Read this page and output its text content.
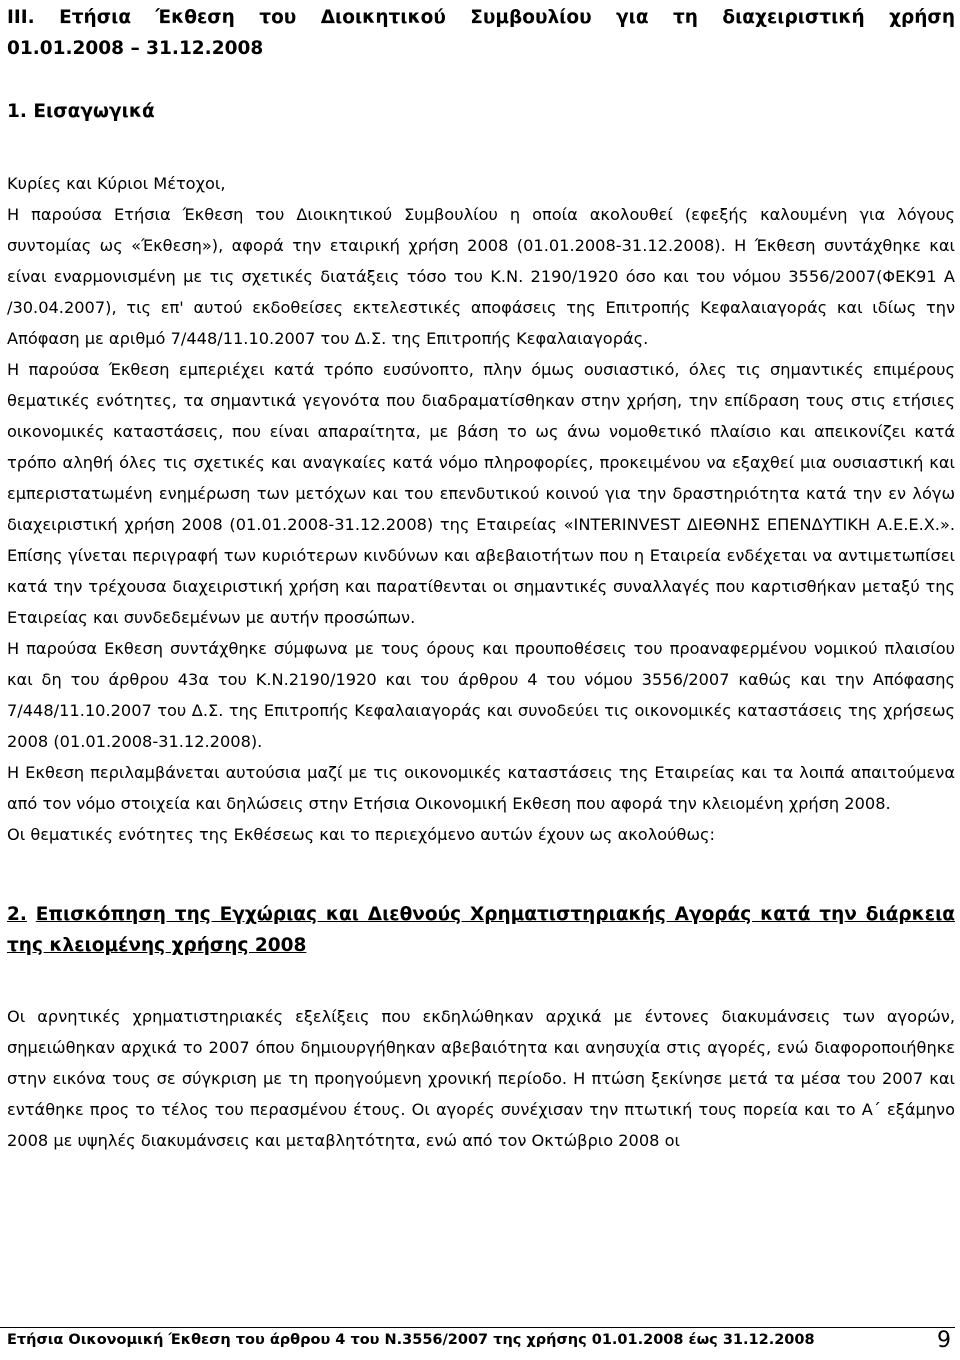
III. Ετήσια Έκθεση του Διοικητικού Συμβουλίου για τη διαχειριστική χρήση
01.01.2008 – 31.12.2008
1. Εισαγωγικά

Κυρίες και Κύριοι Μέτοχοι,

Η παρούσα Ετήσια Έκθεση του Διοικητικού Συμβουλίου η οποία ακολουθεί (εφεξής καλουμένη για λόγους συντομίας ως «Έκθεση»), αφορά την εταιρική χρήση 2008 (01.01.2008-31.12.2008). Η Έκθεση συντάχθηκε και είναι εναρμονισμένη με τις σχετικές διατάξεις τόσο του Κ.Ν. 2190/1920 όσο και του νόμου 3556/2007(ΦΕΚ91 Α /30.04.2007), τις επ' αυτού εκδοθείσες εκτελεστικές αποφάσεις της Επιτροπής Κεφαλαιαγοράς και ιδίως την Απόφαση με αριθμό 7/448/11.10.2007 του Δ.Σ. της Επιτροπής Κεφαλαιαγοράς.

Η παρούσα Έκθεση εμπεριέχει κατά τρόπο ευσύνοπτο, πλην όμως ουσιαστικό, όλες τις σημαντικές επιμέρους θεματικές ενότητες, τα σημαντικά γεγονότα που διαδραματίσθηκαν στην χρήση, την επίδραση τους στις ετήσιες οικονομικές καταστάσεις, που είναι απαραίτητα, με βάση το ως άνω νομοθετικό πλαίσιο και απεικονίζει κατά τρόπο αληθή όλες τις σχετικές και αναγκαίες κατά νόμο πληροφορίες, προκειμένου να εξαχθεί μια ουσιαστική και εμπεριστατωμένη ενημέρωση των μετόχων και του επενδυτικού κοινού για την δραστηριότητα κατά την εν λόγω διαχειριστική χρήση 2008 (01.01.2008-31.12.2008) της Εταιρείας «INTERINVEST ΔΙΕΘΝΗΣ ΕΠΕΝΔΥΤΙΚΗ Α.Ε.Ε.Χ.». Επίσης γίνεται περιγραφή των κυριότερων κινδύνων και αβεβαιοτήτων που η Εταιρεία ενδέχεται να αντιμετωπίσει κατά την τρέχουσα διαχειριστική χρήση και παρατίθενται οι σημαντικές συναλλαγές που καρτισθήκαν μεταξύ της Εταιρείας και συνδεδεμένων με αυτήν προσώπων.

Η παρούσα Εκθεση συντάχθηκε σύμφωνα με τους όρους και προυποθέσεις του προαναφερμένου νομικού πλαισίου και δη του άρθρου 43α του Κ.Ν.2190/1920 και του άρθρου 4 του νόμου 3556/2007 καθώς και την Απόφασης 7/448/11.10.2007 του Δ.Σ. της Επιτροπής Κεφαλαιαγοράς και συνοδεύει τις οικονομικές καταστάσεις της χρήσεως 2008 (01.01.2008-31.12.2008).

Η Εκθεση περιλαμβάνεται αυτούσια μαζί με τις οικονομικές καταστάσεις της Εταιρείας και τα λοιπά απαιτούμενα από τον νόμο στοιχεία και δηλώσεις στην Ετήσια Οικονομική Εκθεση που αφορά την κλειομένη χρήση 2008.

Οι θεματικές ενότητες της Εκθέσεως και το περιεχόμενο αυτών έχουν ως ακολούθως:

2. Επισκόπηση της Εγχώριας και Διεθνούς Χρηματιστηριακής Αγοράς κατά την διάρκεια της κλειομένης χρήσης 2008

Οι αρνητικές χρηματιστηριακές εξελίξεις που εκδηλώθηκαν αρχικά με έντονες διακυμάνσεις των αγορών, σημειώθηκαν αρχικά το 2007 όπου δημιουργήθηκαν αβεβαιότητα και ανησυχία στις αγορές, ενώ διαφοροποιήθηκε στην εικόνα τους σε σύγκριση με τη προηγούμενη χρονική περίοδο. Η πτώση ξεκίνησε μετά τα μέσα του 2007 και εντάθηκε προς το τέλος του περασμένου έτους. Οι αγορές συνέχισαν την πτωτική τους πορεία και το Α΄ εξάμηνο 2008 με υψηλές διακυμάνσεις και μεταβλητότητα, ενώ από τον Οκτώβριο 2008 οι

Ετήσια Οικονομική Έκθεση του άρθρου 4 του Ν.3556/2007 της χρήσης 01.01.2008 έως 31.12.2008	9
